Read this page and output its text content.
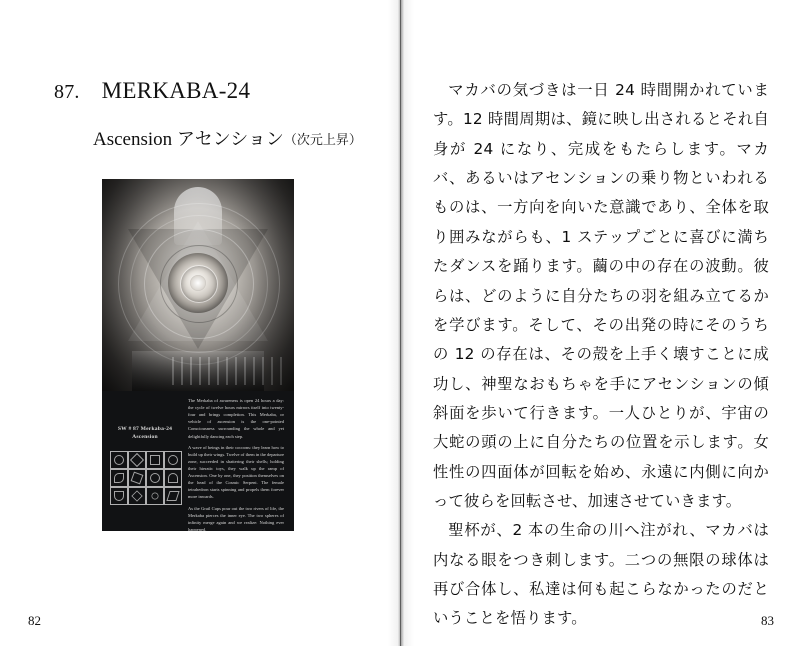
87. MERKABA-24
Ascension アセンション（次元上昇）
SW # 87 Merkaba-24
Ascension

The Merkaba of awareness is open 24 hours a day: the cycle of twelve hours mirrors itself into twenty-four and brings completion. This Merkaba, or vehicle of ascension is the one-pointed Consciousness surrounding the whole and yet delightfully dancing each step.

A wave of beings in their cocoons: they learn how to build up their wings. Twelve of them in the departure zone, succeeded in shattering their shells; holding their hieratic toys, they walk up the ramp of Ascension. One by one, they position themselves on the head of the Cosmic Serpent. The female tetrahedron starts spinning and propels them forever more inwards.

As the Grail Cups pour out the two rivers of life, the Merkaba pierces the inner eye. The two spheres of infinity merge again and we realize: Nothing ever happened.

82

マカバの気づきは一日 24 時間開かれています。12 時間周期は、鏡に映し出されるとそれ自身が 24 になり、完成をもたらします。マカバ、あるいはアセンションの乗り物といわれるものは、一方向を向いた意識であり、全体を取り囲みながらも、1 ステップごとに喜びに満ちたダンスを踊ります。繭の中の存在の波動。彼らは、どのように自分たちの羽を組み立てるかを学びます。そして、その出発の時にそのうちの 12 の存在は、その殻を上手く壊すことに成功し、神聖なおもちゃを手にアセンションの傾斜面を歩いて行きます。一人ひとりが、宇宙の大蛇の頭の上に自分たちの位置を示します。女性性の四面体が回転を始め、永遠に内側に向かって彼らを回転させ、加速させていきます。

聖杯が、2 本の生命の川へ注がれ、マカバは内なる眼をつき刺します。二つの無限の球体は再び合体し、私達は何も起こらなかったのだということを悟ります。	83
